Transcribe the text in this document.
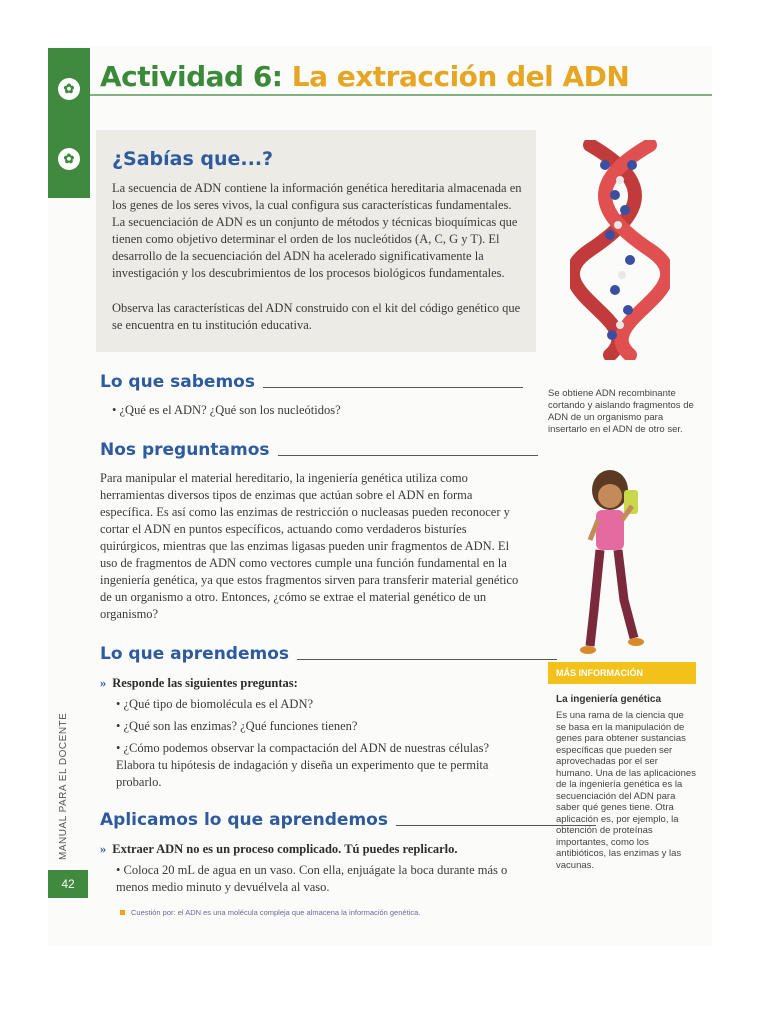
✿
✿
Actividad 6: La extracción del ADN
¿Sabías que...?
La secuencia de ADN contiene la información genética hereditaria almacenada en los genes de los seres vivos, la cual configura sus características fundamentales. La secuenciación de ADN es un conjunto de métodos y técnicas bioquímicas que tienen como objetivo determinar el orden de los nucleótidos (A, C, G y T). El desarrollo de la secuenciación del ADN ha acelerado significativamente la investigación y los descubrimientos de los procesos biológicos fundamentales.
Observa las características del ADN construido con el kit del código genético que se encuentra en tu institución educativa.
Se obtiene ADN recombinante cortando y aislando fragmentos de ADN de un organismo para insertarlo en el ADN de otro ser.
Lo que sabemos
• ¿Qué es el ADN? ¿Qué son los nucleótidos?
Nos preguntamos
Para manipular el material hereditario, la ingeniería genética utiliza como herramientas diversos tipos de enzimas que actúan sobre el ADN en forma específica. Es así como las enzimas de restricción o nucleasas pueden reconocer y cortar el ADN en puntos específicos, actuando como verdaderos bisturíes quirúrgicos, mientras que las enzimas ligasas pueden unir fragmentos de ADN. El uso de fragmentos de ADN como vectores cumple una función fundamental en la ingeniería genética, ya que estos fragmentos sirven para transferir material genético de un organismo a otro. Entonces, ¿cómo se extrae el material genético de un organismo?
Lo que aprendemos
» Responde las siguientes preguntas:
• ¿Qué tipo de biomolécula es el ADN?
• ¿Qué son las enzimas? ¿Qué funciones tienen?
• ¿Cómo podemos observar la compactación del ADN de nuestras células? Elabora tu hipótesis de indagación y diseña un experimento que te permita probarlo.
Aplicamos lo que aprendemos
» Extraer ADN no es un proceso complicado. Tú puedes replicarlo.
• Coloca 20 mL de agua en un vaso. Con ella, enjuágate la boca durante más o menos medio minuto y devuélvela al vaso.
Cuestión por: el ADN es una molécula compleja que almacena la información genética.
MÁS INFORMACIÓN
La ingeniería genética
Es una rama de la ciencia que se basa en la manipulación de genes para obtener sustancias específicas que pueden ser aprovechadas por el ser humano. Una de las aplicaciones de la ingeniería genética es la secuenciación del ADN para saber qué genes tiene. Otra aplicación es, por ejemplo, la obtención de proteínas importantes, como los antibióticos, las enzimas y las vacunas.
MANUAL PARA EL DOCENTE
42
